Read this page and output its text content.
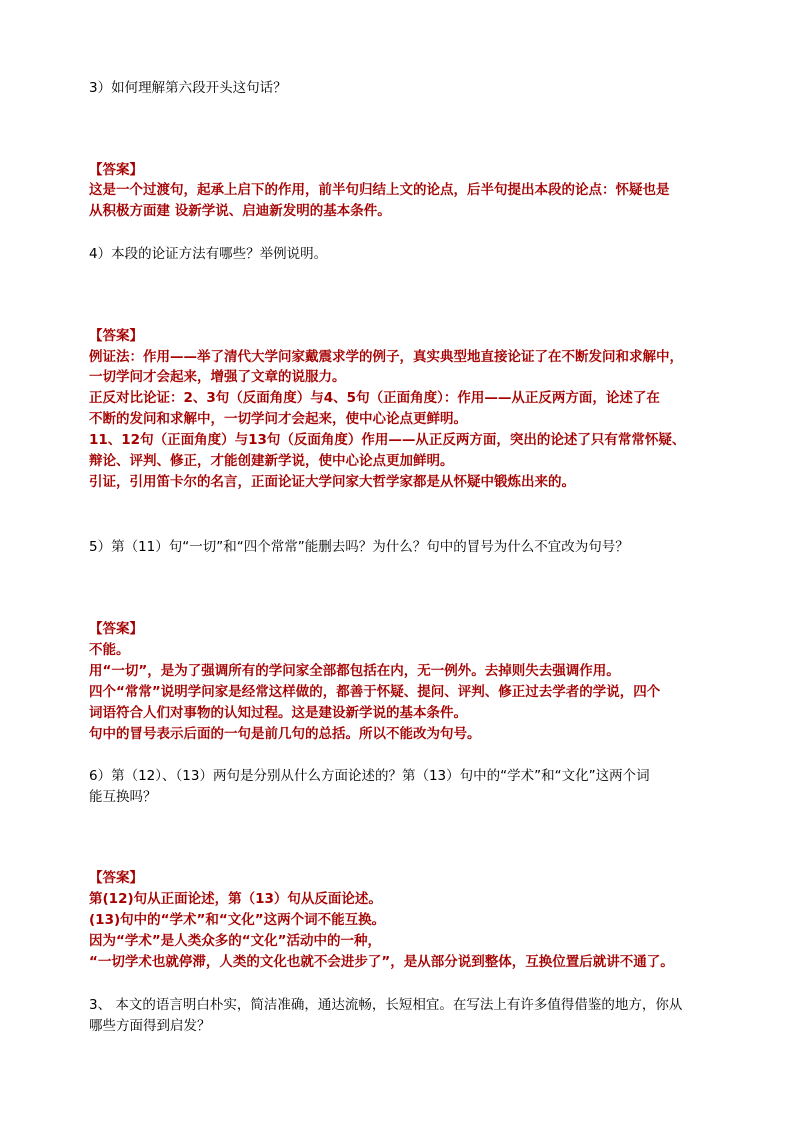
3）如何理解第六段开头这句话？
【答案】
这是一个过渡句，起承上启下的作用，前半句归结上文的论点，后半句提出本段的论点：怀疑也是
从积极方面建 设新学说、启迪新发明的基本条件。
4）本段的论证方法有哪些？举例说明。
【答案】
例证法：作用——举了清代大学问家戴震求学的例子，真实典型地直接论证了在不断发问和求解中，
一切学问才会起来，增强了文章的说服力。
正反对比论证：2、3句（反面角度）与4、5句（正面角度）：作用——从正反两方面，论述了在
不断的发问和求解中，一切学问才会起来，使中心论点更鲜明。
11、12句（正面角度）与13句（反面角度）作用——从正反两方面，突出的论述了只有常常怀疑、
辩论、评判、修正，才能创建新学说，使中心论点更加鲜明。
引证，引用笛卡尔的名言，正面论证大学问家大哲学家都是从怀疑中锻炼出来的。
5）第（11）句“一切”和“四个常常”能删去吗？为什么？句中的冒号为什么不宜改为句号？
【答案】
不能。
用“一切”，是为了强调所有的学问家全部都包括在内，无一例外。去掉则失去强调作用。
四个“常常”说明学问家是经常这样做的，都善于怀疑、提问、评判、修正过去学者的学说，四个
词语符合人们对事物的认知过程。这是建设新学说的基本条件。
句中的冒号表示后面的一句是前几句的总括。所以不能改为句号。
6）第（12）、（13）两句是分别从什么方面论述的？第（13）句中的“学术”和“文化”这两个词
能互换吗？
【答案】
第(12)句从正面论述，第（13）句从反面论述。
(13)句中的“学术”和“文化”这两个词不能互换。
因为“学术”是人类众多的“文化”活动中的一种，
“一切学术也就停滞，人类的文化也就不会进步了”，是从部分说到整体，互换位置后就讲不通了。
3、 本文的语言明白朴实，简洁准确，通达流畅，长短相宜。在写法上有许多值得借鉴的地方，你从
哪些方面得到启发？
